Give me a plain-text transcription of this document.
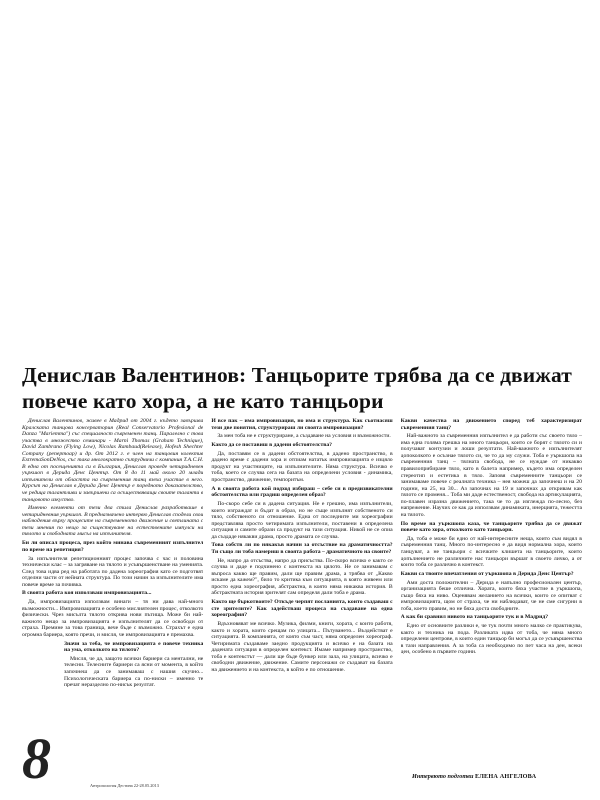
Денислав Валентинов: Танцьорите трябва да се движат повече като хора, а не като танцьори

Денислав Валентинов, живее в Мадрид от 2004 г. където завършва Кралската танцова консерватория (Real Conservatorio Profesional de Danza "Mariemma") със специалност съвременен танц. Паралелно с това участва в множество семинари - Marni Thomas (Graham Technique), David Zambrano (Flying Low), Nicolas Rambaud(Release), Hofesh Shechter Company (репертоар) и др. От 2012 г. е член на танцовия колектив ExtremaSonDeNos, със така многократно сътрудничи с компания T.A.C.H. В една от посещенията си в България, Денислав проведе четиридневен уъркшоп в Дерида Денс Център. От 8 до 11 май около 20 млади изпълнители от областта на съвременния танц взеха участие в него. Курсът на Денислав в Дерида Денс Център е поредното доказателство, че редица талантливи и завършени са осъществяващи своите таланти в танцовото изкуство.

Именно елементи от тези два стила Денислав разработваше в четиридневния уъркшоп. В предназначено интервю Денислав сподели свои наблюдения върху процесите на съвременното движение и светлината с тези мнения по нещо за съществуване на естествените импулси на тялото и свободната мисъл на изпълнителя.

Би ли описал процеса, през който минава съвременният изпълнител по време на репетиция?

За изпълнителя репетиционният процес започва с час и половина технически клас – за загряване на тялото и усъвършенстване на уменията. След това идва ред на работата по дадена хореография като се подготвят отделни части от нейната структура. По този начин за изпълнителите има повече време за почивка.

В своята работа коя използваш импровизацията...

Да, импровизацията използвам винаги – тя ни дава най-много възможности... Импровизацията е особено мислиятелен процес, отколкото физически. Чрез мисълта тялото открива нови пътища. Може би най-важното нещо за импровизацията е изпълнителят да се освободи от страха. Премине за това граница, вече бъде с възможно. Страхът е една огромна бариера, която пречи, и мисля, че импровизацията е премахва.

Значи за теба, че импровизацията е повече техника на ума, отколкото на тялото?

Мисля, че да, защото всички бариери са ментални, не телесни. Телесните бариери са ясни от момента, в който започнеш да се занимаваш с нашия скучно... Психологическата бариера са по-ниски – именно те пречат неразделно по-нисък резултат.

И все пак – има импровизация, но има и структура. Как съотнасяш тези две понятия, структурираш ли своята импровизация?

За мен тоба не е структуриране, а създаване на условия и възможности.

Както да се поставиш в дадени обстоятелства?

Да, поставям се в дадени обстоятелства, в дадено пространство, в дадено време с дадени хора и отпиам нататък импровизацията е изцяло продукт на участниците, на изпълнителите. Няма структура. Всичко е тоба, което се случва сега на базата на определени условия - динамика, пространство, движение, темпоритъм.

А в своята работа кой подход избираш – себе си в предизвикателни обстоятелства или градиш определен образ?

По-скоро себе си в дадена ситуация. Не е грешно, има изпълнители, които изграждат и бъдат в образ, но не съще изпълнят собственото си тяло, собственото си отношение. Една от последните ми хореографии представлява просто четиримата изпълнители, поставени в определена ситуация и самите образи са продукт на тази ситуация. Никой не се опиа да създаде някакви драма, просто драмата се случва.

Това собств ли по някакъв начин за отсъствие на драматичността? Ти също ли тоба намериш в своята работа – драматичното на своите?

Не, напро да отсъства, напро да присъства. По-скоро всичко е както се случва и даде е подчинено с контекста на цялото. Не се занимавам с въпроса какво ще правим, дали ще правим драма, а трябва от „Какво искаме да кажем?", било то критика към ситуацията, в която живеем или просто една хореография, абстрактна, в която няма никаква история. В абстрактната история зрителят сам определя дали тоба е драма.

Както ще бъркотвоите? Откъде черпят посланията, които създаваш с сте зрителите? Как задействаш процеса на създаване на една хореография?

Вдъхновяват ме всичко. Музика, филми, книги, хората, с които работя, както и хората, които срещам по улицата... Пътуването... Въздействат е ситуацията. В компанията, от която съм част, няма определен хореограф. Четиримата създаваме заедно продукцията и всичко е на базата на дадената ситуация в определен контекст. Имаме например пространство, тоба е контекстът — дали ще бъде бункер или зала, на улицата, всичко е свободни движение, движение. Самите персонажи се създават на базата на движението и на контекста, в който е по отношение.

Какви качества на движението според теб характеризират съвременния танц?

Най-важното за съвременния изпълнител е да работи със своето тяло – има една голяма грешка на много танцьори, които се борят с тялото си и получават контузии и лоши резултати. Най-важното е изпълнителят допоколкото е осъзнае тялото си, че то да му служи. Тоба е уъркшопа на съвременния танц – тялната свобода, не се нуждае от никакво правилоприбиране тяло, като в балета например, където има определен стереотип и естетика в тяло. Заповя съвременните танцьори се занимаваме повече с реалната техника – нея можеш да започнеш и на 20 години, на 25, на 30... Аз започнах на 19 и започнах да откривам как тялото се променя... Тоба ми даде естественост, свобода на артикулацията, по-плавен изразна движението, така че то да изглежда по-лесно, без напрежение. Научих се как да използвам динамиката, инерцията, тежестта на тялото.

По време на уъркшопа каза, че танцьорите трябва да се движат повече като хора, отколкото като танцьори.

Да, тоба е може би едно от най-интересните неща, които съм видял в съвременния танц. Много по-интересно е да видя нормална хора, които танцуват, а не танцьори с всичките клишета на танцьорите, които допълнението не различните нас танцьори вършат в своето личко, а от които тоба се различно в контекст.

Какви са твоите впечатления от уъркшопа в Дерида Денс Център?

Ами доста положителни – Дерида е напълно професионален център, организацията беше отлична. Хората, които бяха участие в уъркшопа, също бяха на ниво. Оценявам желанието на всички, които се опитват с импровизацията, щом от страха, че ни наблюдават, че не сме сигурни в тоба, което правим, но не бяха доста свободните.

А как би сравнил нивото на танцьорите тук и в Мадрид?

Едно от основните разлики е, че тук почти много малко се практикува, както и техника на пода. Разликата идва от тоба, че няма много определени центрове, в които един танцьор би могъл да се усъвършенства в тази направления. А за тоба са необходимо по пет часа на ден, всеки ден, особено в първите години.

8	Антропология Дестина 22-28.05.2013
Интервюто подготви ЕЛЕНА АНГЕЛОВА
